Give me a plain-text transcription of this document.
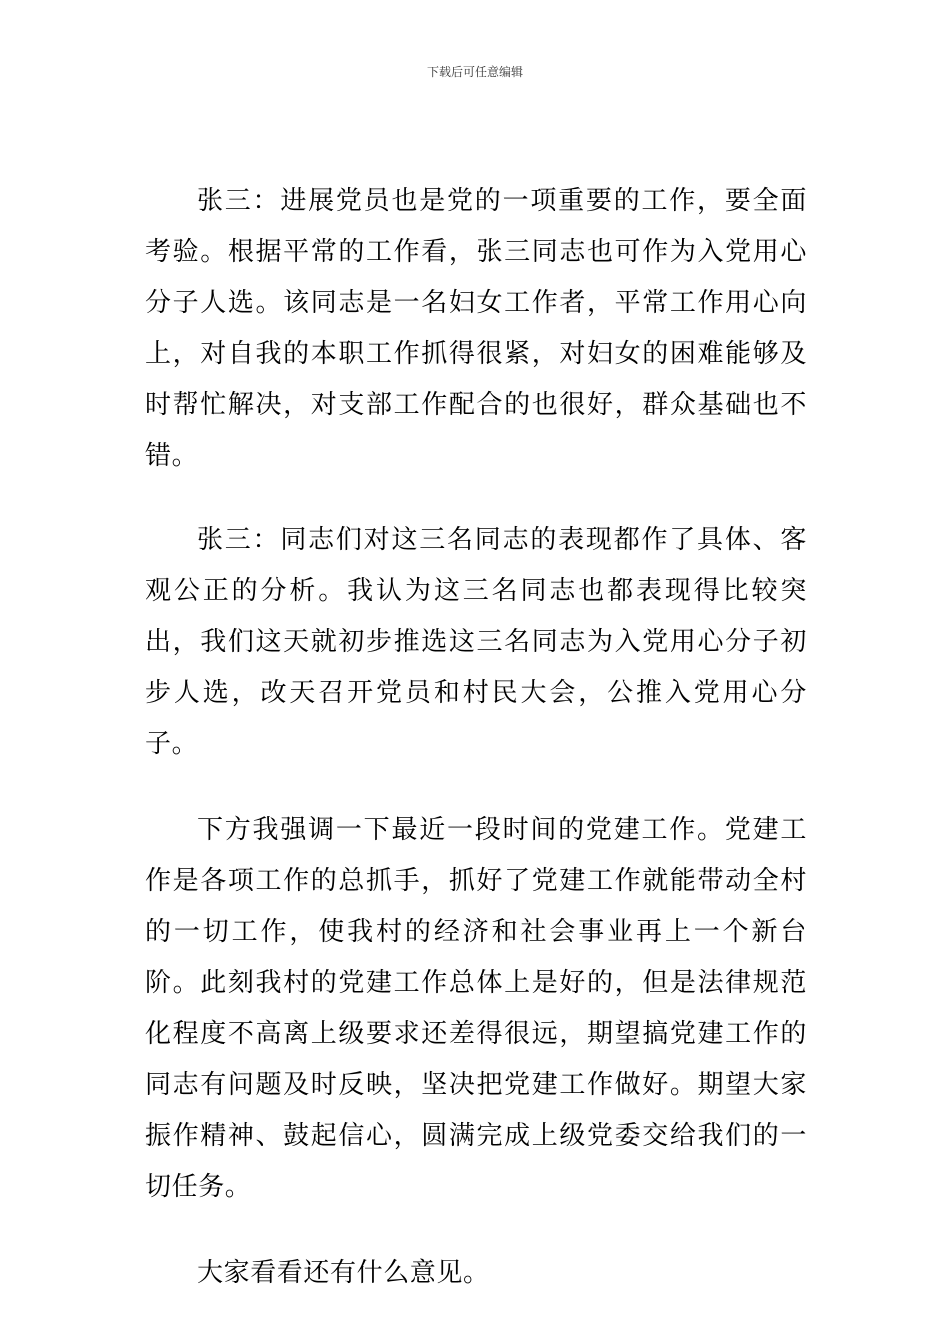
下载后可任意编辑

张三：进展党员也是党的一项重要的工作，要全面考验。根据平常的工作看，张三同志也可作为入党用心分子人选。该同志是一名妇女工作者，平常工作用心向上，对自我的本职工作抓得很紧，对妇女的困难能够及时帮忙解决，对支部工作配合的也很好，群众基础也不错。

张三：同志们对这三名同志的表现都作了具体、客观公正的分析。我认为这三名同志也都表现得比较突出，我们这天就初步推选这三名同志为入党用心分子初步人选，改天召开党员和村民大会，公推入党用心分子。

下方我强调一下最近一段时间的党建工作。党建工作是各项工作的总抓手，抓好了党建工作就能带动全村的一切工作，使我村的经济和社会事业再上一个新台阶。此刻我村的党建工作总体上是好的，但是法律规范化程度不高离上级要求还差得很远，期望搞党建工作的同志有问题及时反映，坚决把党建工作做好。期望大家振作精神、鼓起信心，圆满完成上级党委交给我们的一切任务。

大家看看还有什么意见。
